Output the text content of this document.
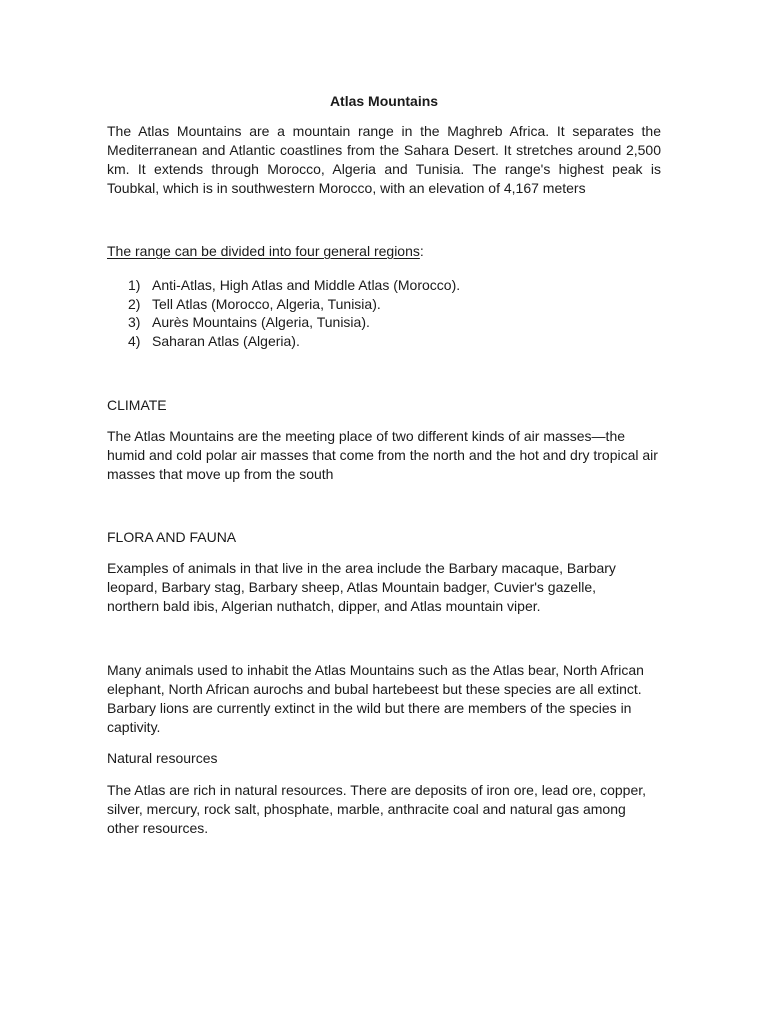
Atlas Mountains

The Atlas Mountains are a mountain range in the Maghreb Africa. It separates the Mediterranean and Atlantic coastlines from the Sahara Desert. It stretches around 2,500 km. It extends through Morocco, Algeria and Tunisia. The range's highest peak is Toubkal, which is in southwestern Morocco, with an elevation of 4,167 meters

The range can be divided into four general regions:
1) Anti-Atlas, High Atlas and Middle Atlas (Morocco).
2) Tell Atlas (Morocco, Algeria, Tunisia).
3) Aurès Mountains (Algeria, Tunisia).
4) Saharan Atlas (Algeria).
CLIMATE

The Atlas Mountains are the meeting place of two different kinds of air masses—the humid and cold polar air masses that come from the north and the hot and dry tropical air masses that move up from the south

FLORA AND FAUNA

Examples of animals in that live in the area include the Barbary macaque, Barbary leopard, Barbary stag, Barbary sheep, Atlas Mountain badger, Cuvier's gazelle, northern bald ibis, Algerian nuthatch, dipper, and Atlas mountain viper.

Many animals used to inhabit the Atlas Mountains such as the Atlas bear, North African elephant, North African aurochs and bubal hartebeest but these species are all extinct. Barbary lions are currently extinct in the wild but there are members of the species in captivity.

Natural resources

The Atlas are rich in natural resources. There are deposits of iron ore, lead ore, copper, silver, mercury, rock salt, phosphate, marble, anthracite coal and natural gas among other resources.
